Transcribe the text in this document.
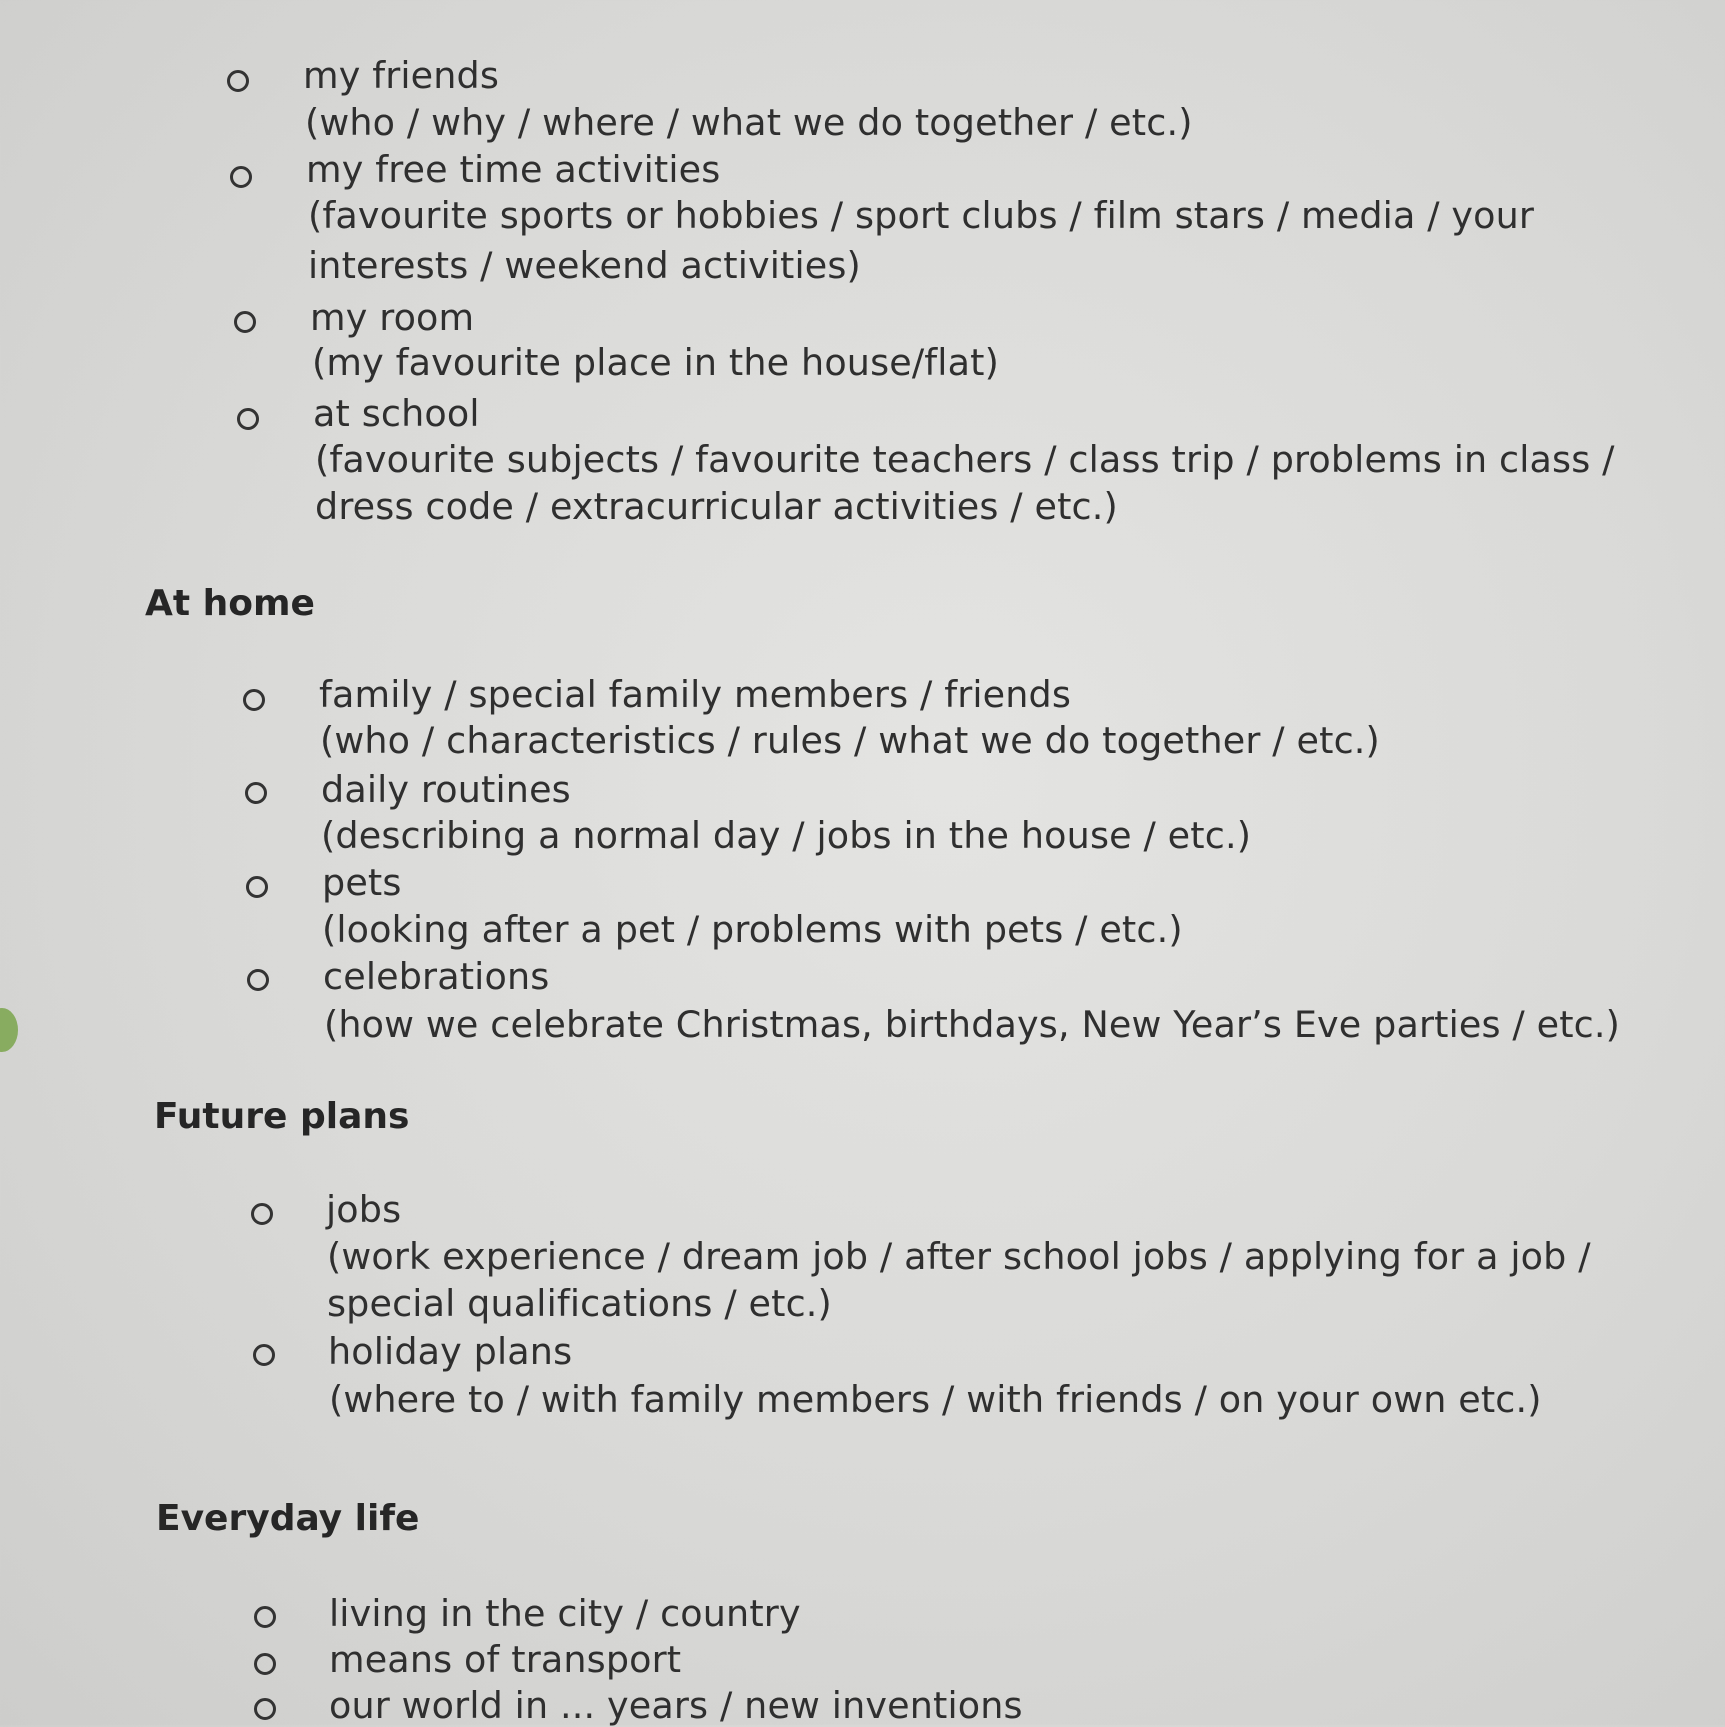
my friends
(who / why / where / what we do together / etc.)
my free time activities
(favourite sports or hobbies / sport clubs / film stars / media / your
interests / weekend activities)
my room
(my favourite place in the house/flat)
at school
(favourite subjects / favourite teachers / class trip / problems in class /
dress code / extracurricular activities / etc.)
At home
family / special family members / friends
(who / characteristics / rules / what we do together / etc.)
daily routines
(describing a normal day / jobs in the house / etc.)
pets
(looking after a pet / problems with pets / etc.)
celebrations
(how we celebrate Christmas, birthdays, New Year’s Eve parties / etc.)
Future plans
jobs
(work experience / dream job / after school jobs / applying for a job /
special qualifications / etc.)
holiday plans
(where to / with family members / with friends / on your own etc.)
Everyday life
living in the city / country
means of transport
our world in ... years / new inventions
